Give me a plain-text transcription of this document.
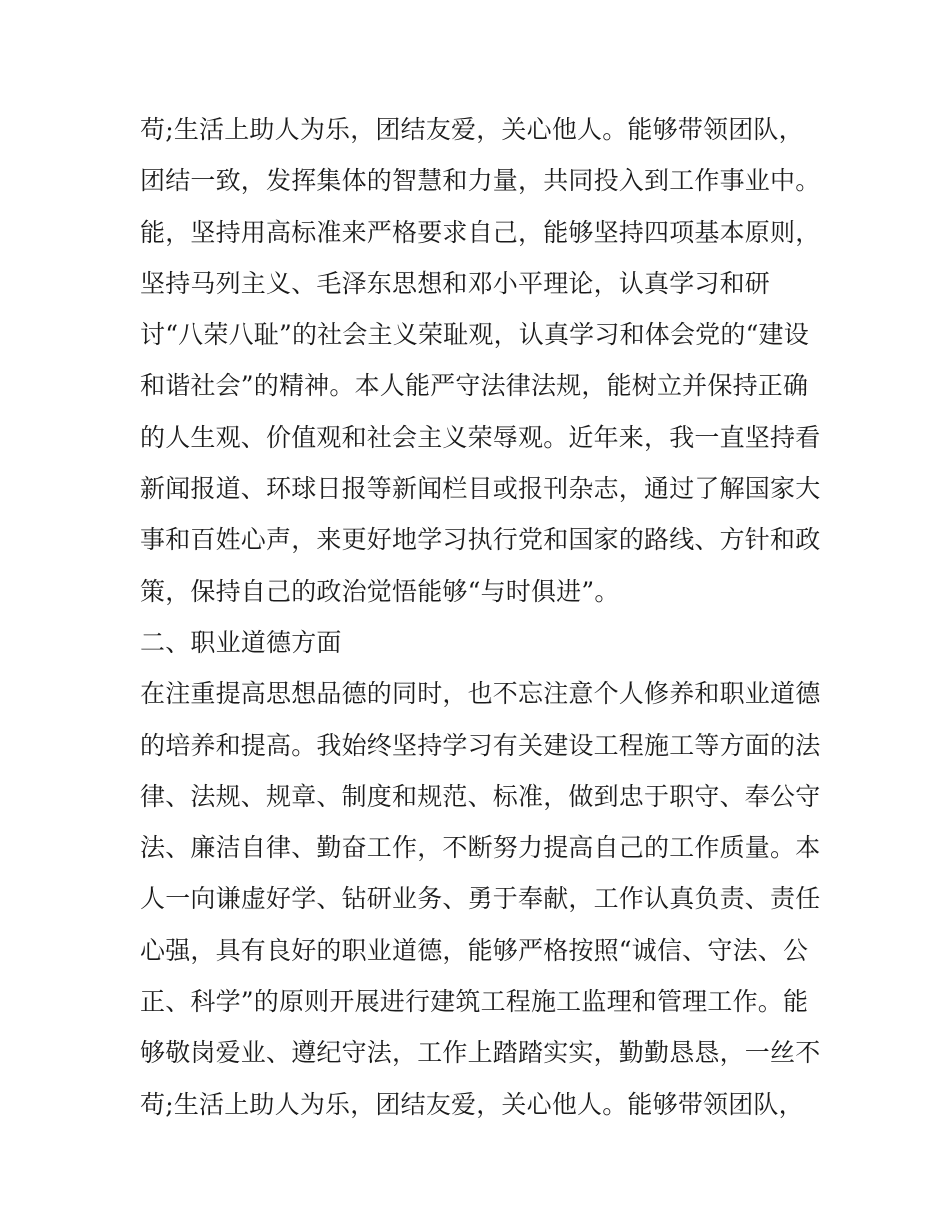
苟;生活上助人为乐，团结友爱，关心他人。能够带领团队，
团结一致，发挥集体的智慧和力量，共同投入到工作事业中。
能，坚持用高标准来严格要求自己，能够坚持四项基本原则，
坚持马列主义、毛泽东思想和邓小平理论，认真学习和研
讨“八荣八耻”的社会主义荣耻观，认真学习和体会党的“建设
和谐社会”的精神。本人能严守法律法规，能树立并保持正确
的人生观、价值观和社会主义荣辱观。近年来，我一直坚持看
新闻报道、环球日报等新闻栏目或报刊杂志，通过了解国家大
事和百姓心声，来更好地学习执行党和国家的路线、方针和政
策，保持自己的政治觉悟能够“与时俱进”。
二、职业道德方面
在注重提高思想品德的同时，也不忘注意个人修养和职业道德
的培养和提高。我始终坚持学习有关建设工程施工等方面的法
律、法规、规章、制度和规范、标准，做到忠于职守、奉公守
法、廉洁自律、勤奋工作，不断努力提高自己的工作质量。本
人一向谦虚好学、钻研业务、勇于奉献，工作认真负责、责任
心强，具有良好的职业道德，能够严格按照“诚信、守法、公
正、科学”的原则开展进行建筑工程施工监理和管理工作。能
够敬岗爱业、遵纪守法，工作上踏踏实实，勤勤恳恳，一丝不
苟;生活上助人为乐，团结友爱，关心他人。能够带领团队，
